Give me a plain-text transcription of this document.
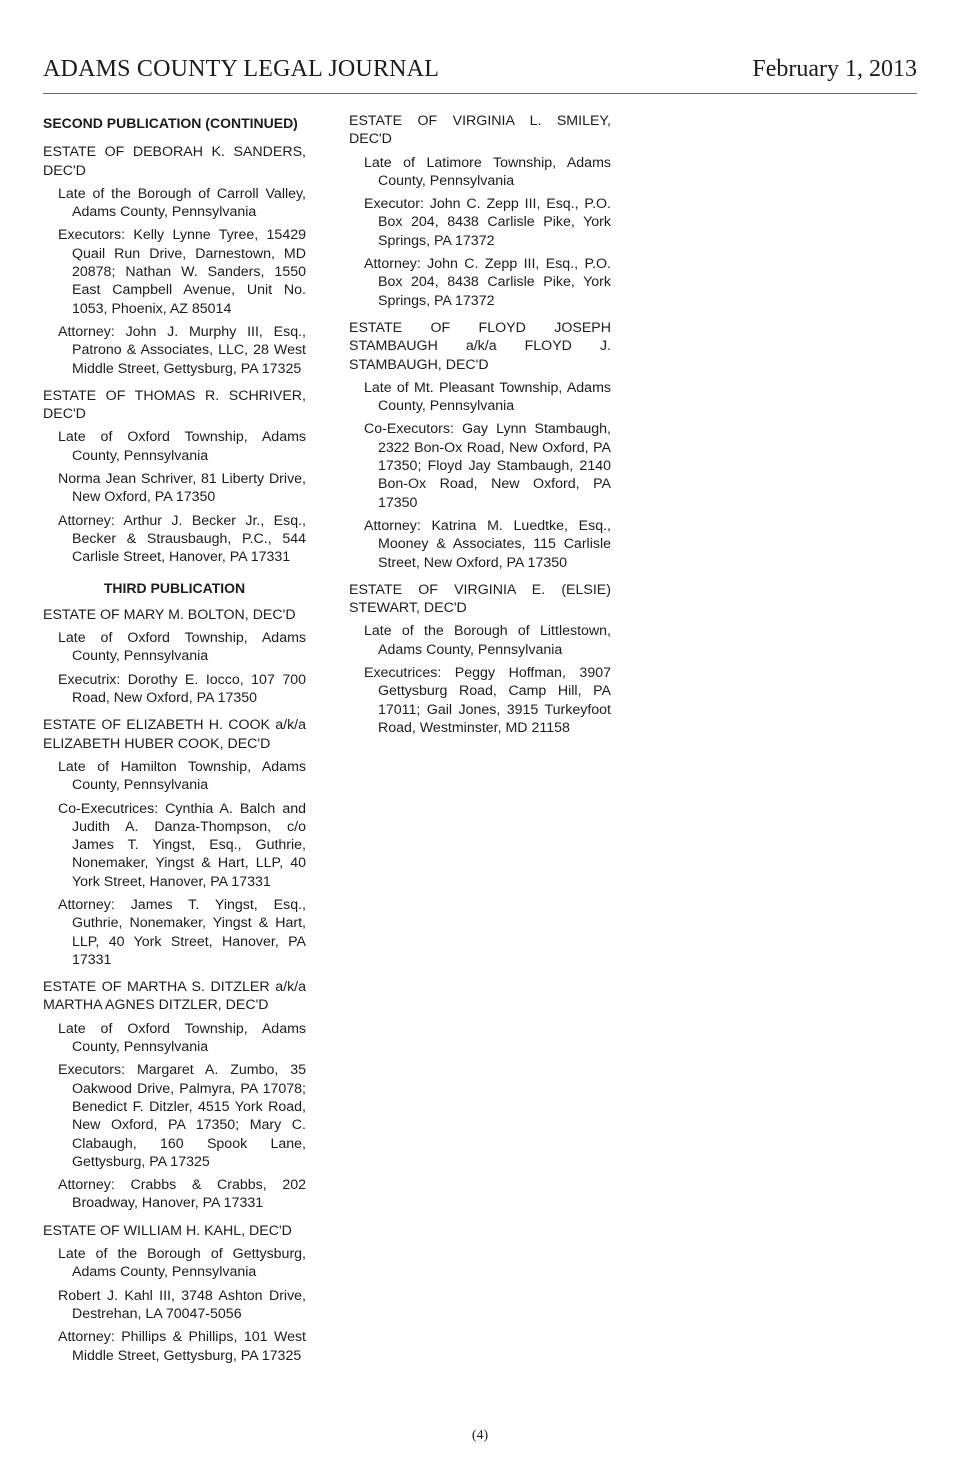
ADAMS COUNTY LEGAL JOURNAL	February 1, 2013
SECOND PUBLICATION (CONTINUED)
ESTATE OF DEBORAH K. SANDERS, DEC'D
Late of the Borough of Carroll Valley, Adams County, Pennsylvania
Executors: Kelly Lynne Tyree, 15429 Quail Run Drive, Darnestown, MD 20878; Nathan W. Sanders, 1550 East Campbell Avenue, Unit No. 1053, Phoenix, AZ 85014
Attorney: John J. Murphy III, Esq., Patrono & Associates, LLC, 28 West Middle Street, Gettysburg, PA 17325
ESTATE OF THOMAS R. SCHRIVER, DEC'D
Late of Oxford Township, Adams County, Pennsylvania
Norma Jean Schriver, 81 Liberty Drive, New Oxford, PA 17350
Attorney: Arthur J. Becker Jr., Esq., Becker & Strausbaugh, P.C., 544 Carlisle Street, Hanover, PA 17331
THIRD PUBLICATION
ESTATE OF MARY M. BOLTON, DEC'D
Late of Oxford Township, Adams County, Pennsylvania
Executrix: Dorothy E. Iocco, 107 700 Road, New Oxford, PA 17350
ESTATE OF ELIZABETH H. COOK a/k/a ELIZABETH HUBER COOK, DEC'D
Late of Hamilton Township, Adams County, Pennsylvania
Co-Executrices: Cynthia A. Balch and Judith A. Danza-Thompson, c/o James T. Yingst, Esq., Guthrie, Nonemaker, Yingst & Hart, LLP, 40 York Street, Hanover, PA 17331
Attorney: James T. Yingst, Esq., Guthrie, Nonemaker, Yingst & Hart, LLP, 40 York Street, Hanover, PA 17331
ESTATE OF MARTHA S. DITZLER a/k/a MARTHA AGNES DITZLER, DEC'D
Late of Oxford Township, Adams County, Pennsylvania
Executors: Margaret A. Zumbo, 35 Oakwood Drive, Palmyra, PA 17078; Benedict F. Ditzler, 4515 York Road, New Oxford, PA 17350; Mary C. Clabaugh, 160 Spook Lane, Gettysburg, PA 17325
Attorney: Crabbs & Crabbs, 202 Broadway, Hanover, PA 17331
ESTATE OF WILLIAM H. KAHL, DEC'D
Late of the Borough of Gettysburg, Adams County, Pennsylvania
Robert J. Kahl III, 3748 Ashton Drive, Destrehan, LA 70047-5056
Attorney: Phillips & Phillips, 101 West Middle Street, Gettysburg, PA 17325
ESTATE OF VIRGINIA L. SMILEY, DEC'D
Late of Latimore Township, Adams County, Pennsylvania
Executor: John C. Zepp III, Esq., P.O. Box 204, 8438 Carlisle Pike, York Springs, PA 17372
Attorney: John C. Zepp III, Esq., P.O. Box 204, 8438 Carlisle Pike, York Springs, PA 17372
ESTATE OF FLOYD JOSEPH STAMBAUGH a/k/a FLOYD J. STAMBAUGH, DEC'D
Late of Mt. Pleasant Township, Adams County, Pennsylvania
Co-Executors: Gay Lynn Stambaugh, 2322 Bon-Ox Road, New Oxford, PA 17350; Floyd Jay Stambaugh, 2140 Bon-Ox Road, New Oxford, PA 17350
Attorney: Katrina M. Luedtke, Esq., Mooney & Associates, 115 Carlisle Street, New Oxford, PA 17350
ESTATE OF VIRGINIA E. (ELSIE) STEWART, DEC'D
Late of the Borough of Littlestown, Adams County, Pennsylvania
Executrices: Peggy Hoffman, 3907 Gettysburg Road, Camp Hill, PA 17011; Gail Jones, 3915 Turkeyfoot Road, Westminster, MD 21158
(4)
